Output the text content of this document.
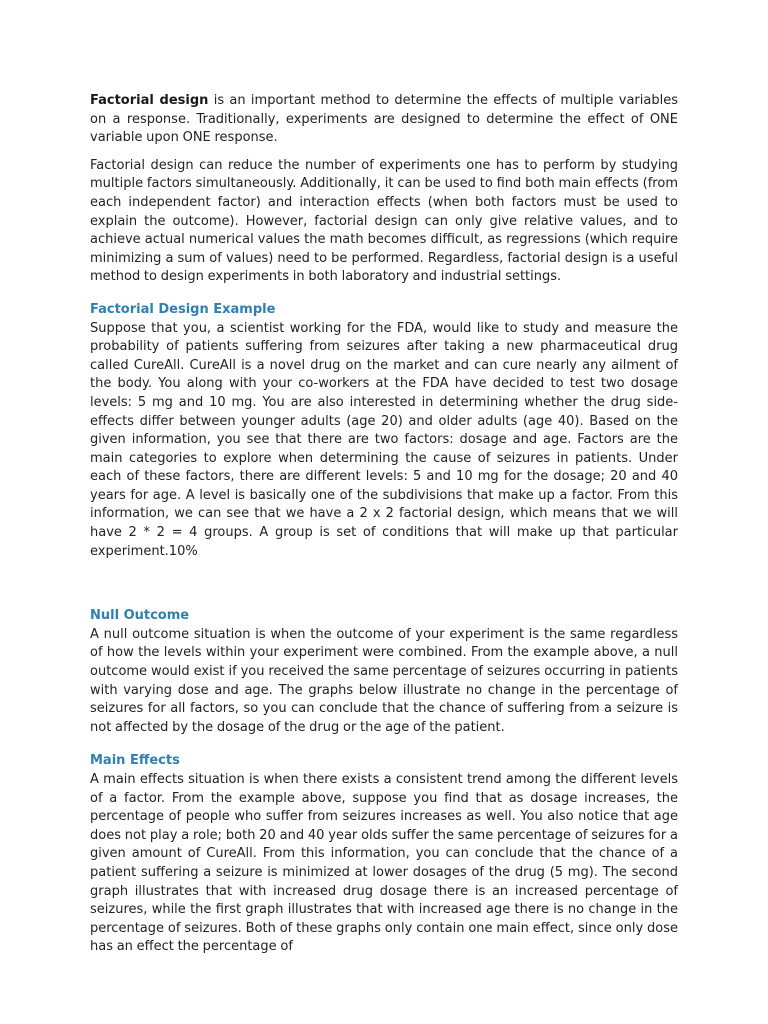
Factorial design is an important method to determine the effects of multiple variables on a response. Traditionally, experiments are designed to determine the effect of ONE variable upon ONE response.

Factorial design can reduce the number of experiments one has to perform by studying multiple factors simultaneously. Additionally, it can be used to find both main effects (from each independent factor) and interaction effects (when both factors must be used to explain the outcome). However, factorial design can only give relative values, and to achieve actual numerical values the math becomes difficult, as regressions (which require minimizing a sum of values) need to be performed. Regardless, factorial design is a useful method to design experiments in both laboratory and industrial settings.

Factorial Design Example

Suppose that you, a scientist working for the FDA, would like to study and measure the probability of patients suffering from seizures after taking a new pharmaceutical drug called CureAll. CureAll is a novel drug on the market and can cure nearly any ailment of the body. You along with your co-workers at the FDA have decided to test two dosage levels: 5 mg and 10 mg. You are also interested in determining whether the drug side-effects differ between younger adults (age 20) and older adults (age 40). Based on the given information, you see that there are two factors: dosage and age. Factors are the main categories to explore when determining the cause of seizures in patients. Under each of these factors, there are different levels: 5 and 10 mg for the dosage; 20 and 40 years for age. A level is basically one of the subdivisions that make up a factor. From this information, we can see that we have a 2 x 2 factorial design, which means that we will have 2 * 2 = 4 groups. A group is set of conditions that will make up that particular experiment.10%

Null Outcome

A null outcome situation is when the outcome of your experiment is the same regardless of how the levels within your experiment were combined. From the example above, a null outcome would exist if you received the same percentage of seizures occurring in patients with varying dose and age. The graphs below illustrate no change in the percentage of seizures for all factors, so you can conclude that the chance of suffering from a seizure is not affected by the dosage of the drug or the age of the patient.

Main Effects

A main effects situation is when there exists a consistent trend among the different levels of a factor. From the example above, suppose you find that as dosage increases, the percentage of people who suffer from seizures increases as well. You also notice that age does not play a role; both 20 and 40 year olds suffer the same percentage of seizures for a given amount of CureAll. From this information, you can conclude that the chance of a patient suffering a seizure is minimized at lower dosages of the drug (5 mg). The second graph illustrates that with increased drug dosage there is an increased percentage of seizures, while the first graph illustrates that with increased age there is no change in the percentage of seizures. Both of these graphs only contain one main effect, since only dose has an effect the percentage of
